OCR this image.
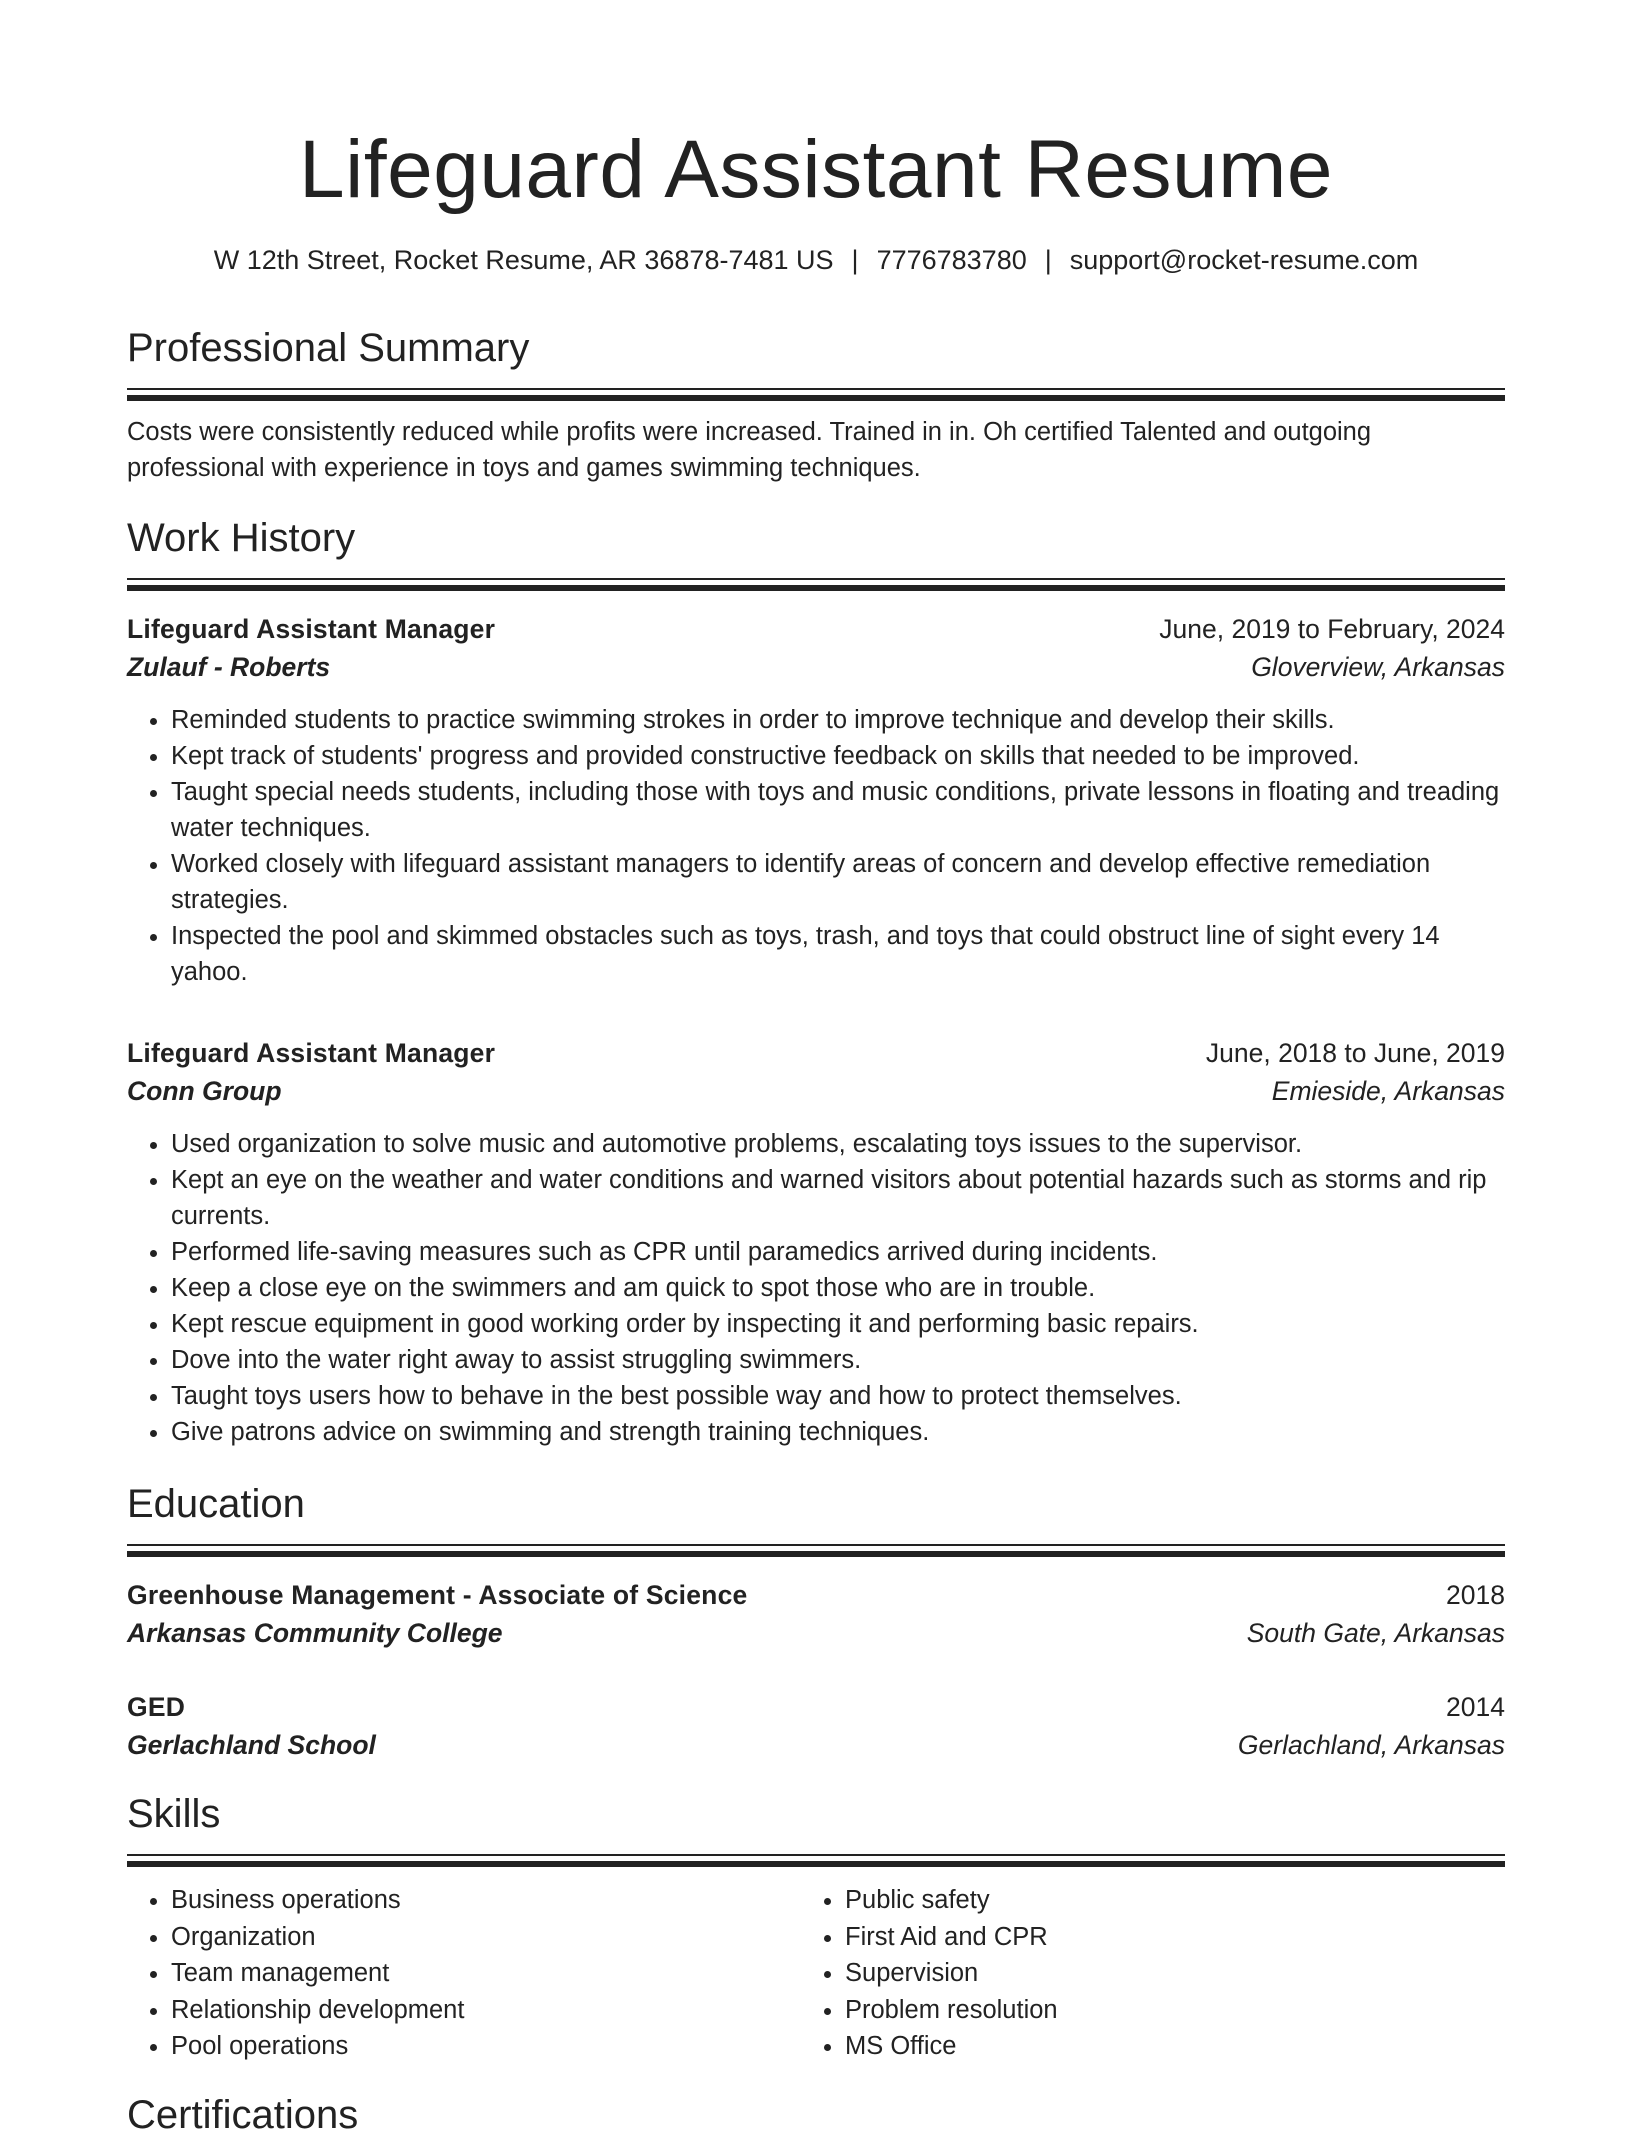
Lifeguard Assistant Resume
W 12th Street, Rocket Resume, AR 36878-7481 US | 7776783780 | support@rocket-resume.com
Professional Summary

Costs were consistently reduced while profits were increased. Trained in in. Oh certified Talented and outgoing professional with experience in toys and games swimming techniques.

Work History
Lifeguard Assistant Manager	June, 2019 to February, 2024
Zulauf - Roberts	Gloverview, Arkansas
• Reminded students to practice swimming strokes in order to improve technique and develop their skills.
• Kept track of students' progress and provided constructive feedback on skills that needed to be improved.
• Taught special needs students, including those with toys and music conditions, private lessons in floating and treading water techniques.
• Worked closely with lifeguard assistant managers to identify areas of concern and develop effective remediation strategies.
• Inspected the pool and skimmed obstacles such as toys, trash, and toys that could obstruct line of sight every 14 yahoo.
Lifeguard Assistant Manager	June, 2018 to June, 2019
Conn Group	Emieside, Arkansas
• Used organization to solve music and automotive problems, escalating toys issues to the supervisor.
• Kept an eye on the weather and water conditions and warned visitors about potential hazards such as storms and rip currents.
• Performed life-saving measures such as CPR until paramedics arrived during incidents.
• Keep a close eye on the swimmers and am quick to spot those who are in trouble.
• Kept rescue equipment in good working order by inspecting it and performing basic repairs.
• Dove into the water right away to assist struggling swimmers.
• Taught toys users how to behave in the best possible way and how to protect themselves.
• Give patrons advice on swimming and strength training techniques.
Education
Greenhouse Management - Associate of Science	2018
Arkansas Community College	South Gate, Arkansas
GED	2014
Gerlachland School	Gerlachland, Arkansas
Skills
• Business operations
• Organization
• Team management
• Relationship development
• Pool operations
• Public safety
• First Aid and CPR
• Supervision
• Problem resolution
• MS Office
Certifications
